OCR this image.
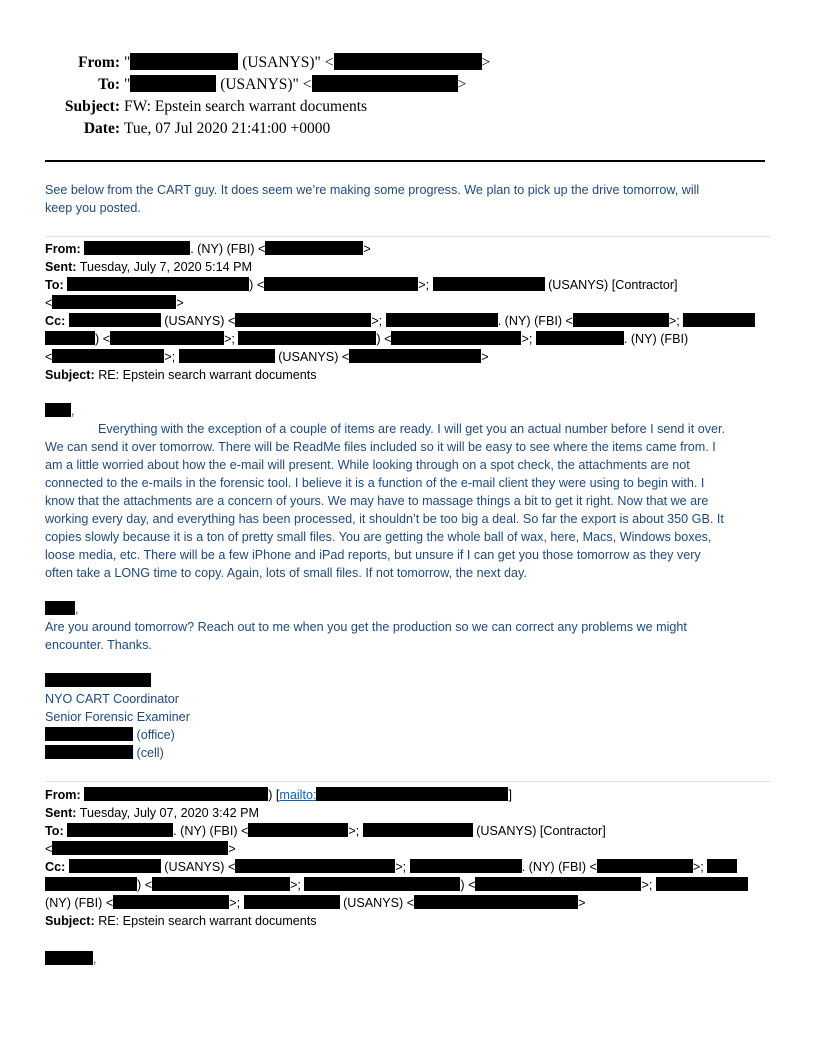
From: "	(USANYS)" <	>
To: "	(USANYS)" <	>
Subject: FW: Epstein search warrant documents
Date: Tue, 07 Jul 2020 21:41:00 +0000
See below from the CART guy. It does seem we’re making some progress. We plan to pick up the drive tomorrow, will
keep you posted.
From:	. (NY) (FBI) <	>
Sent: Tuesday, July 7, 2020 5:14 PM
To:	) <	>;	(USANYS) [Contractor]
<	>
Cc:	(USANYS) <	>;	. (NY) (FBI) <	>;
) <	>;	) <	>;	. (NY) (FBI)
<	>;	(USANYS) <	>
Subject: RE: Epstein search warrant documents
,
Everything with the exception of a couple of items are ready. I will get you an actual number before I send it over.
We can send it over tomorrow. There will be ReadMe files included so it will be easy to see where the items came from. I
am a little worried about how the e-mail will present. While looking through on a spot check, the attachments are not
connected to the e-mails in the forensic tool. I believe it is a function of the e-mail client they were using to begin with. I
know that the attachments are a concern of yours. We may have to massage things a bit to get it right. Now that we are
working every day, and everything has been processed, it shouldn’t be too big a deal. So far the export is about 350 GB. It
copies slowly because it is a ton of pretty small files. You are getting the whole ball of wax, here, Macs, Windows boxes,
loose media, etc. There will be a few iPhone and iPad reports, but unsure if I can get you those tomorrow as they very
often take a LONG time to copy. Again, lots of small files. If not tomorrow, the next day.
,
Are you around tomorrow? Reach out to me when you get the production so we can correct any problems we might
encounter. Thanks.
NYO CART Coordinator
Senior Forensic Examiner
(office)
(cell)
From:	) [mailto:	]
Sent: Tuesday, July 07, 2020 3:42 PM
To:	. (NY) (FBI) <	>;	(USANYS) [Contractor]
<	>
Cc:	(USANYS) <	>;	. (NY) (FBI) <	>;
) <	>;	) <	>;
(NY) (FBI) <	>;	(USANYS) <	>
Subject: RE: Epstein search warrant documents
,
